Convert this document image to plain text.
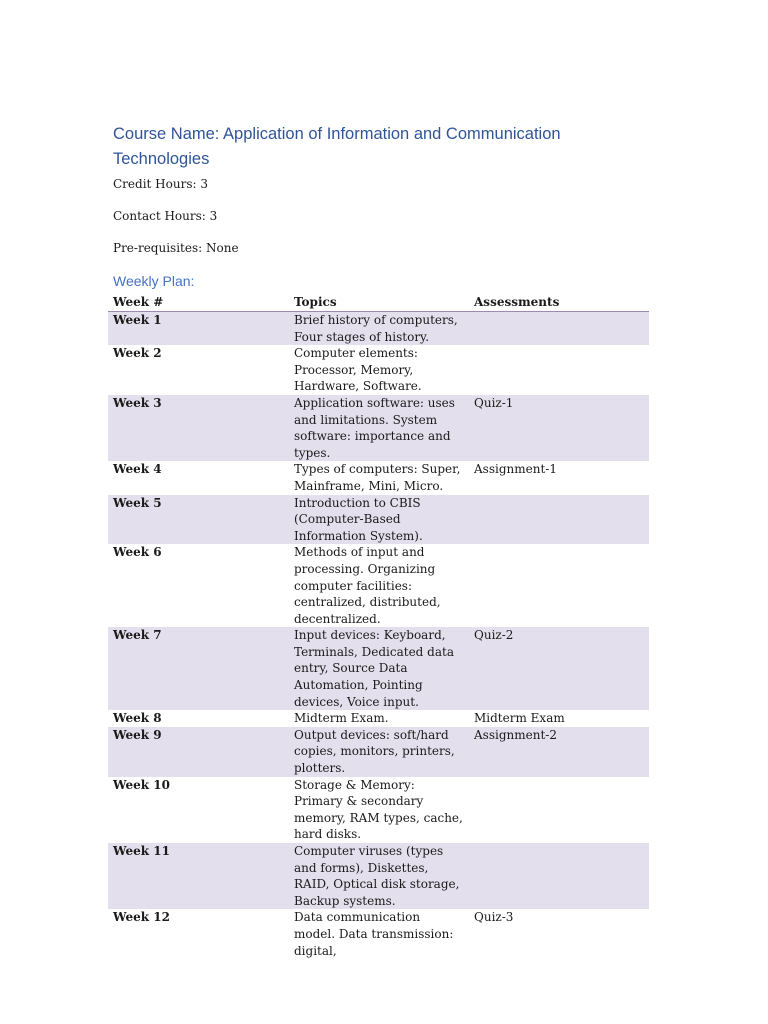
Course Name: Application of Information and Communication Technologies

Credit Hours: 3

Contact Hours: 3

Pre-requisites: None

Weekly Plan:
Week #	Topics	Assessments
Week 1	Brief history of computers, Four stages of history.	
Week 2	Computer elements: Processor, Memory, Hardware, Software.	
Week 3	Application software: uses and limitations. System software: importance and types.	Quiz-1
Week 4	Types of computers: Super, Mainframe, Mini, Micro.	Assignment-1
Week 5	Introduction to CBIS (Computer-Based Information System).	
Week 6	Methods of input and processing. Organizing computer facilities: centralized, distributed, decentralized.	
Week 7	Input devices: Keyboard, Terminals, Dedicated data entry, Source Data Automation, Pointing devices, Voice input.	Quiz-2
Week 8	Midterm Exam.	Midterm Exam
Week 9	Output devices: soft/hard copies, monitors, printers, plotters.	Assignment-2
Week 10	Storage & Memory: Primary & secondary memory, RAM types, cache, hard disks.	
Week 11	Computer viruses (types and forms), Diskettes, RAID, Optical disk storage, Backup systems.	
Week 12	Data communication model. Data transmission: digital,	Quiz-3
